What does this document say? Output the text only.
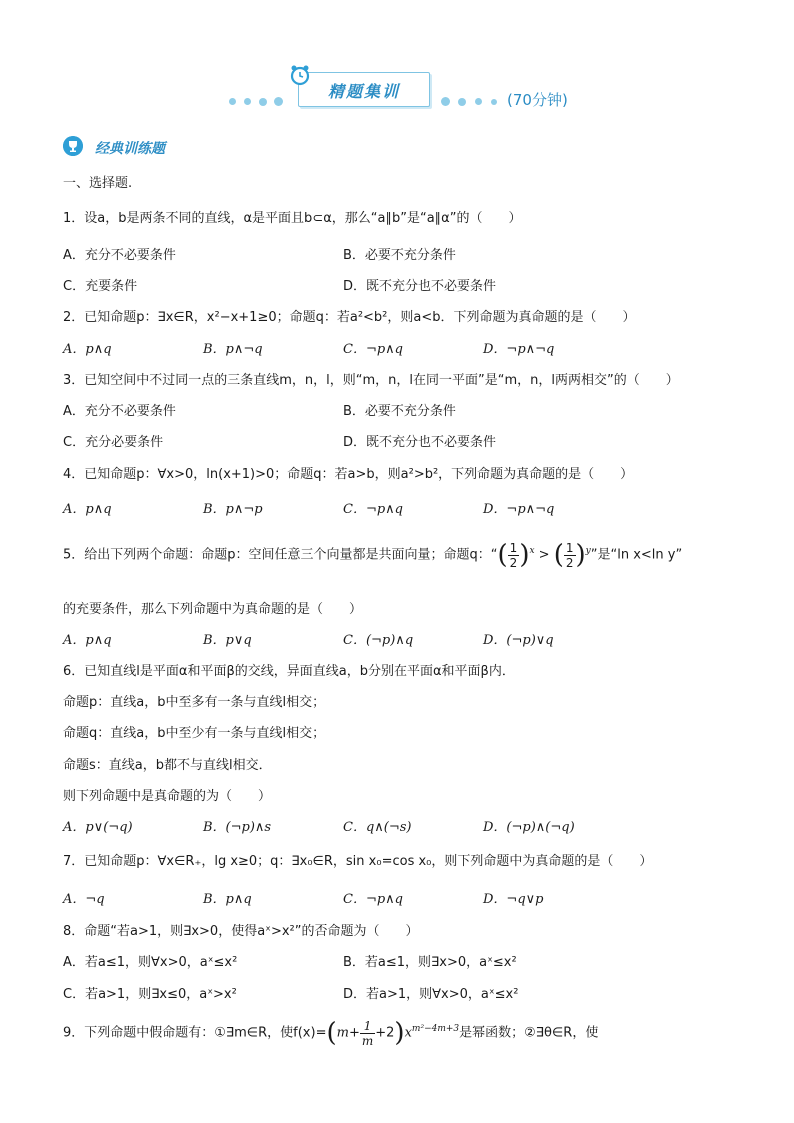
精题集训	(70分钟)
经典训练题
一、选择题.
1．设a，b是两条不同的直线，α是平面且b⊂α，那么“a∥b”是“a∥α”的（　　）
A．充分不必要条件	B．必要不充分条件
C．充要条件	D．既不充分也不必要条件
2．已知命题p：∃x∈R，x²−x+1≥0；命题q：若a²<b²，则a<b．下列命题为真命题的是（　　）
A．p∧q	B．p∧¬q	C．¬p∧q	D．¬p∧¬q
3．已知空间中不过同一点的三条直线m，n，l，则“m，n，l在同一平面”是“m，n，l两两相交”的（　　）
A．充分不必要条件	B．必要不充分条件
C．充分必要条件	D．既不充分也不必要条件
4．已知命题p：∀x>0，ln(x+1)>0；命题q：若a>b，则a²>b²，下列命题为真命题的是（　　）
A．p∧q	B．p∧¬p	C．¬p∧q	D．¬p∧¬q
5．给出下列两个命题：命题p：空间任意三个向量都是共面向量；命题q：“( $\frac{1}{2} )^x$ > ( $\frac{1}{2} )^y$”是“ln x<ln y”
的充要条件，那么下列命题中为真命题的是（　　）
A．p∧q	B．p∨q	C．(¬p)∧q	D．(¬p)∨q
6．已知直线l是平面α和平面β的交线，异面直线a，b分别在平面α和平面β内．
命题p：直线a，b中至多有一条与直线l相交；
命题q：直线a，b中至少有一条与直线l相交；
命题s：直线a，b都不与直线l相交．
则下列命题中是真命题的为（　　）
A．p∨(¬q)	B．(¬p)∧s	C．q∧(¬s)	D．(¬p)∧(¬q)
7．已知命题p：∀x∈R₊，lg x≥0；q：∃x₀∈R，sin x₀=cos x₀，则下列命题中为真命题的是（　　）
A．¬q	B．p∧q	C．¬p∧q	D．¬q∨p
8．命题“若a>1，则∃x>0，使得aˣ>x²”的否命题为（　　）
A．若a≤1，则∀x>0，aˣ≤x²	B．若a≤1，则∃x>0，aˣ≤x²
C．若a>1，则∃x≤0，aˣ>x²	D．若a>1，则∀x>0，aˣ≤x²
9．下列命题中假命题有：①∃m∈R，使$f(x)=(m+ \frac{1}{m} +2)x^{m^2-4m+3}$是幂函数；②∃θ∈R，使
